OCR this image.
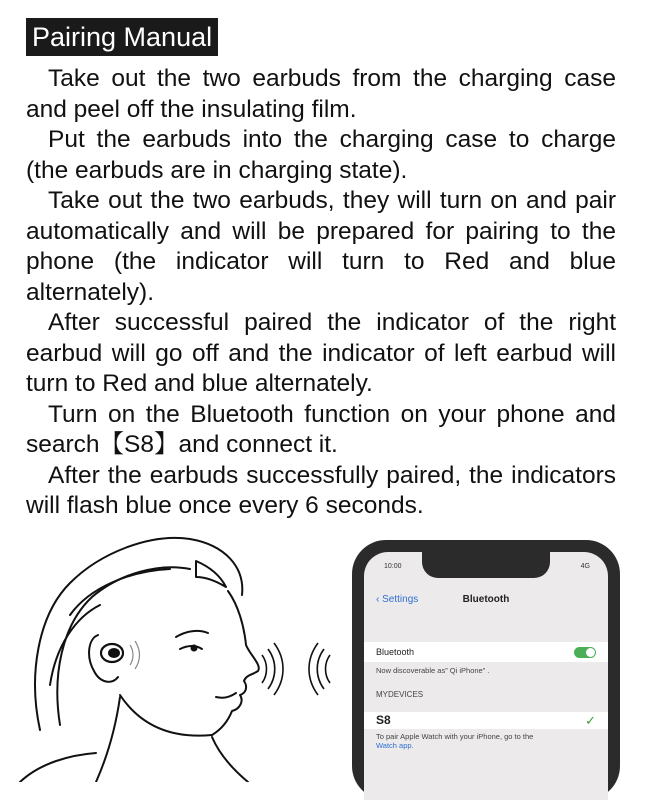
Pairing Manual

Take out the two earbuds from the charging case and peel off the insulating film.

Put the earbuds into the charging case to charge (the earbuds are in charging state).

Take out the two earbuds, they will turn on and pair automatically and will be prepared for pairing to the phone (the indicator will turn to Red and blue alternately).

After successful paired the indicator of the right earbud will go off and the indicator of left earbud will turn to Red and blue alternately.

Turn on the Bluetooth function on your phone and search【S8】and connect it.

After the earbuds successfully paired, the indicators will flash blue once every 6 seconds.

10:00	4G
‹ Settings	Bluetooth
Bluetooth
Now discoverable as” Qi iPhone” .
MYDEVICES
S8	✓
To pair Apple Watch with your iPhone, go to the
Watch app.
